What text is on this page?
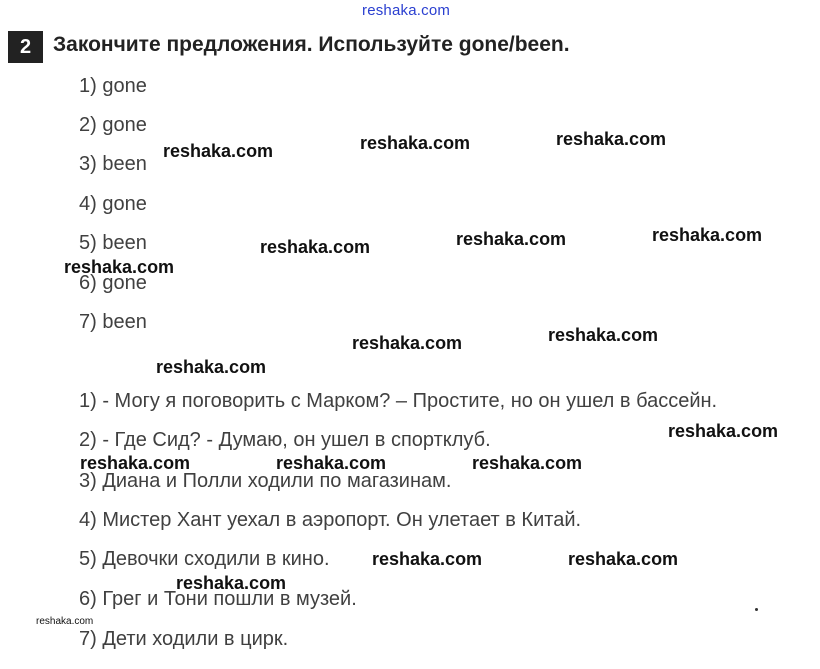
reshaka.com
2	Закончите предложения. Используйте gone/been.
1) gone
2) gone
3) been
4) gone
5) been
6) gone
7) been
1) - Могу я поговорить с Марком? – Простите, но он ушел в бассейн.
2) - Где Сид? - Думаю, он ушел в спортклуб.
3) Диана и Полли ходили по магазинам.
4) Мистер Хант уехал в аэропорт. Он улетает в Китай.
5) Девочки сходили в кино.
6) Грег и Тони пошли в музей.
7) Дети ходили в цирк.
reshaka.com	reshaka.com	reshaka.com
reshaka.com	reshaka.com	reshaka.com
reshaka.com
reshaka.com	reshaka.com
reshaka.com
reshaka.com
reshaka.com	reshaka.com	reshaka.com
reshaka.com	reshaka.com
reshaka.com
reshaka.com
